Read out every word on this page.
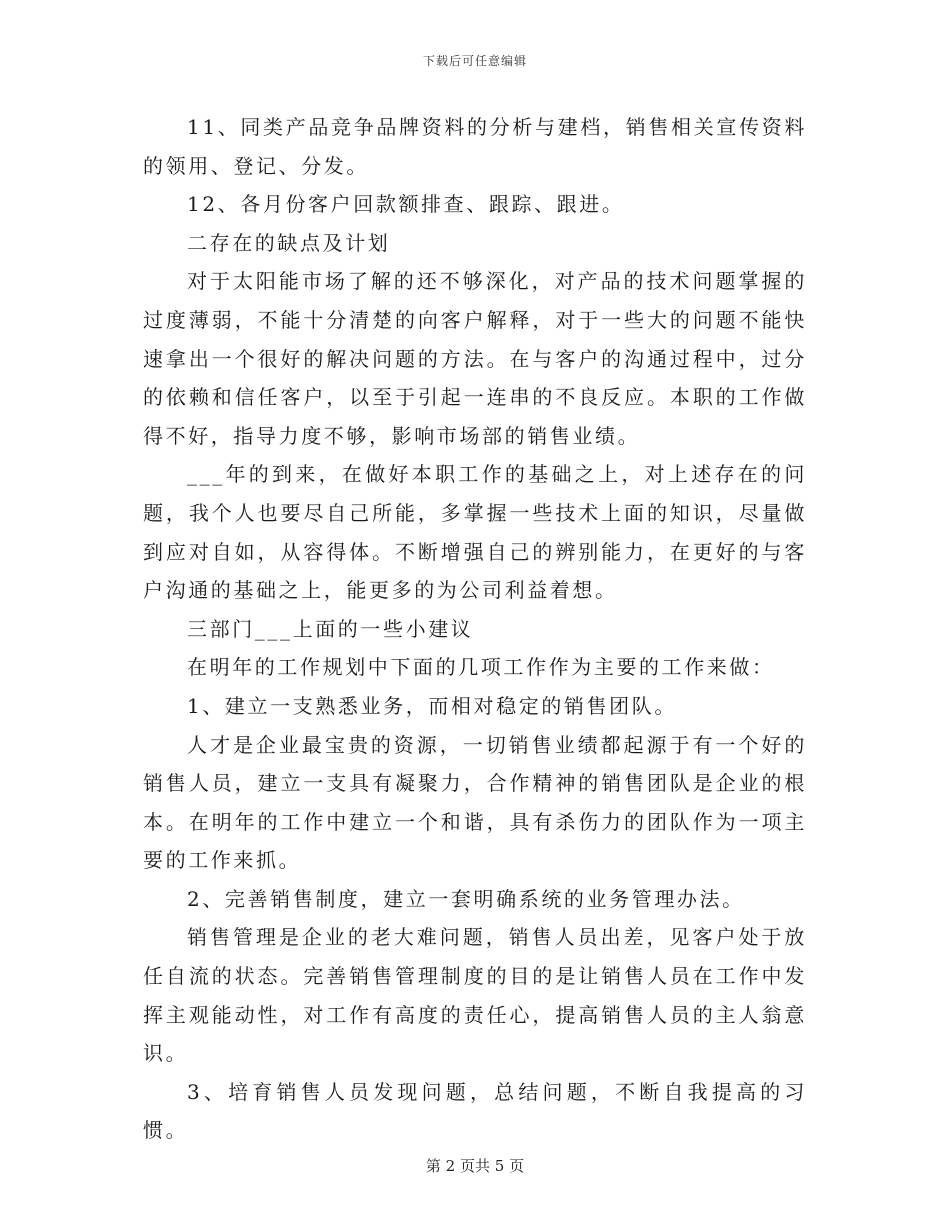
下载后可任意编辑

11、同类产品竞争品牌资料的分析与建档，销售相关宣传资料的领用、登记、分发。

12、各月份客户回款额排查、跟踪、跟进。

二存在的缺点及计划

对于太阳能市场了解的还不够深化，对产品的技术问题掌握的过度薄弱，不能十分清楚的向客户解释，对于一些大的问题不能快速拿出一个很好的解决问题的方法。在与客户的沟通过程中，过分的依赖和信任客户，以至于引起一连串的不良反应。本职的工作做得不好，指导力度不够，影响市场部的销售业绩。

___年的到来，在做好本职工作的基础之上，对上述存在的问题，我个人也要尽自己所能，多掌握一些技术上面的知识，尽量做到应对自如，从容得体。不断增强自己的辨别能力，在更好的与客户沟通的基础之上，能更多的为公司利益着想。

三部门___上面的一些小建议

在明年的工作规划中下面的几项工作作为主要的工作来做：

1、建立一支熟悉业务，而相对稳定的销售团队。

人才是企业最宝贵的资源，一切销售业绩都起源于有一个好的销售人员，建立一支具有凝聚力，合作精神的销售团队是企业的根本。在明年的工作中建立一个和谐，具有杀伤力的团队作为一项主要的工作来抓。

2、完善销售制度，建立一套明确系统的业务管理办法。

销售管理是企业的老大难问题，销售人员出差，见客户处于放任自流的状态。完善销售管理制度的目的是让销售人员在工作中发挥主观能动性，对工作有高度的责任心，提高销售人员的主人翁意识。

3、培育销售人员发现问题，总结问题，不断自我提高的习惯。

第 2 页共 5 页
